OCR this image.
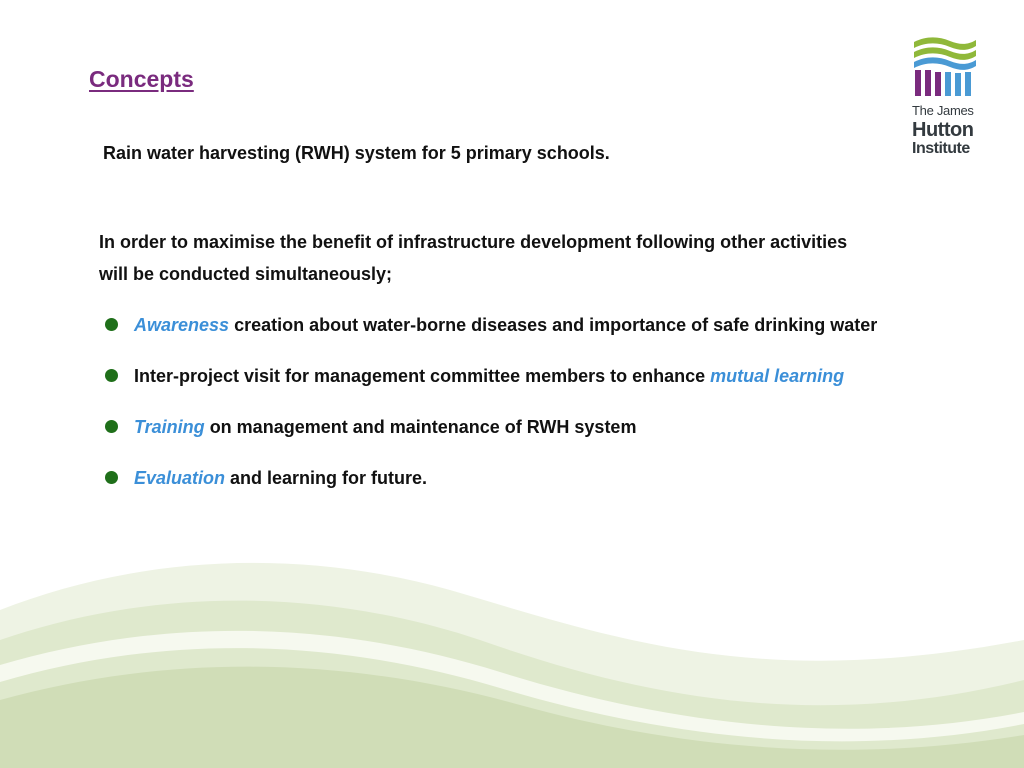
Concepts

Rain water harvesting (RWH) system for 5 primary schools.

In order to maximise the benefit of infrastructure development following other activities will be conducted simultaneously;

Awareness creation about water-borne diseases and importance of safe drinking water
Inter-project visit for management committee members to enhance mutual learning
Training on management and maintenance of RWH system
Evaluation and learning for future.
The James
Hutton
Institute
